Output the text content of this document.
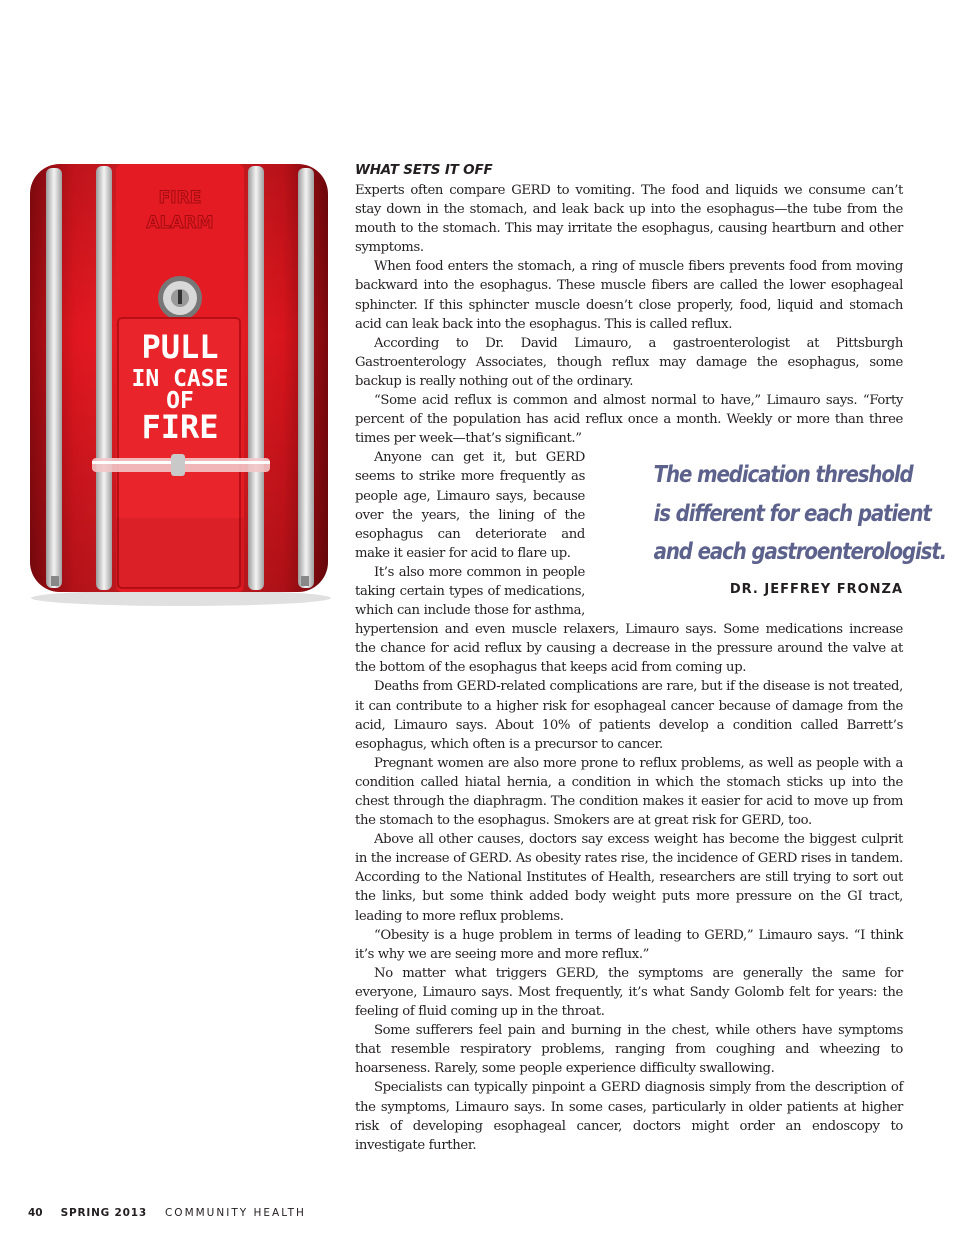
FIRE
ALARM
PULL
IN CASE
OF
FIRE
WHAT SETS IT OFF

Experts often compare GERD to vomiting. The food and liquids we consume can’t stay down in the stomach, and leak back up into the esophagus—the tube from the mouth to the stomach. This may irritate the esophagus, causing heartburn and other symptoms.

When food enters the stomach, a ring of muscle fibers prevents food from moving backward into the esophagus. These muscle fibers are called the lower esophageal sphincter. If this sphincter muscle doesn’t close properly, food, liquid and stomach acid can leak back into the esophagus. This is called reflux.

According to Dr. David Limauro, a gastroenterologist at Pittsburgh Gastroenterology Associates, though reflux may damage the esophagus, some backup is really nothing out of the ordinary.

“Some acid reflux is common and almost normal to have,” Limauro says. “Forty percent of the population has acid reflux once a month. Weekly or more than three times per week—that’s significant.”

The medication threshold
is different for each patient
and each gastroenterologist.
DR. JEFFREY FRONZA

Anyone can get it, but GERD seems to strike more frequently as people age, Limauro says, because over the years, the lining of the esophagus can deteriorate and make it easier for acid to flare up.

It’s also more common in people taking certain types of medications, which can include those for asthma, hypertension and even muscle relaxers, Limauro says. Some medications increase the chance for acid reflux by causing a decrease in the pressure around the valve at the bottom of the esophagus that keeps acid from coming up.

Deaths from GERD-related complications are rare, but if the disease is not treated, it can contribute to a higher risk for esophageal cancer because of damage from the acid, Limauro says. About 10% of patients develop a condition called Barrett’s esophagus, which often is a precursor to cancer.

Pregnant women are also more prone to reflux problems, as well as people with a condition called hiatal hernia, a condition in which the stomach sticks up into the chest through the diaphragm. The condition makes it easier for acid to move up from the stomach to the esophagus. Smokers are at great risk for GERD, too.

Above all other causes, doctors say excess weight has become the biggest culprit in the increase of GERD. As obesity rates rise, the incidence of GERD rises in tandem. According to the National Institutes of Health, researchers are still trying to sort out the links, but some think added body weight puts more pressure on the GI tract, leading to more reflux problems.

“Obesity is a huge problem in terms of leading to GERD,” Limauro says. “I think it’s why we are seeing more and more reflux.”

No matter what triggers GERD, the symptoms are generally the same for everyone, Limauro says. Most frequently, it’s what Sandy Golomb felt for years: the feeling of fluid coming up in the throat.

Some sufferers feel pain and burning in the chest, while others have symptoms that resemble respiratory problems, ranging from coughing and wheezing to hoarseness. Rarely, some people experience difficulty swallowing.

Specialists can typically pinpoint a GERD diagnosis simply from the description of the symptoms, Limauro says. In some cases, particularly in older patients at higher risk of developing esophageal cancer, doctors might order an endoscopy to investigate further.

40 SPRING 2013 COMMUNITY HEALTH
